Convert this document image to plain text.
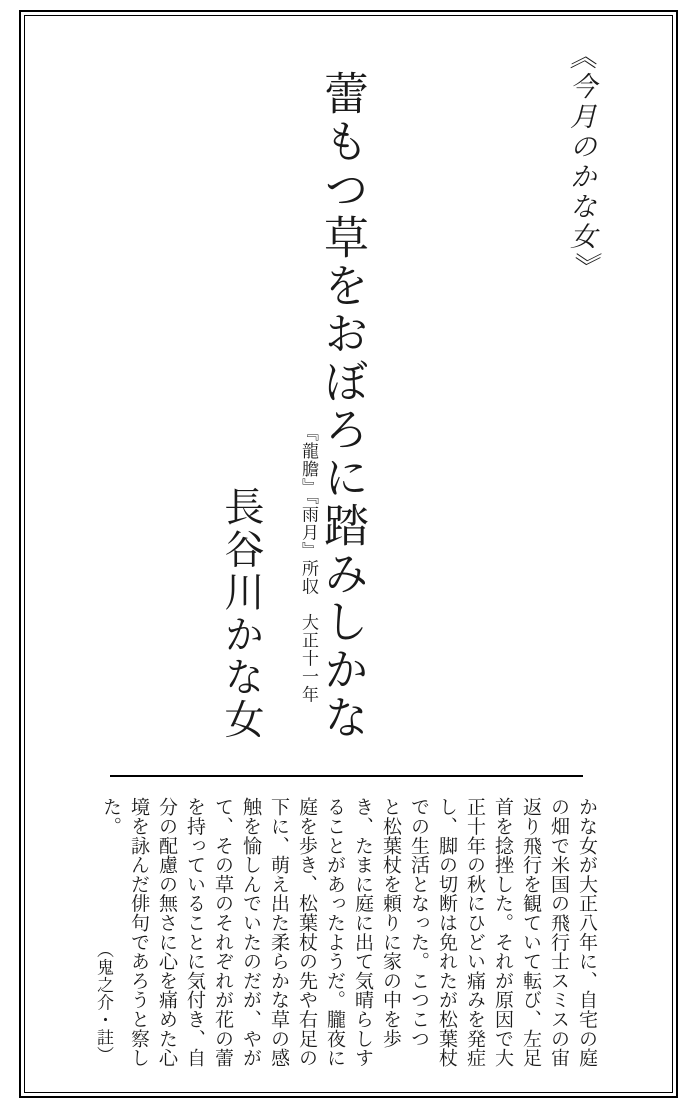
《今月のかな女》
蕾もつ草をおぼろに踏みしかな
『龍膽』『雨月』所収　大正十一年
長谷川かな女
（鬼之介・註）	かな女が大正八年に、自宅の庭
の畑で米国の飛行士スミスの宙
返り飛行を観ていて転び、左足
首を捻挫した。それが原因で大
正十年の秋にひどい痛みを発症
し、脚の切断は免れたが松葉杖
での生活となった。こつこつ
と松葉杖を頼りに家の中を歩
き、たまに庭に出て気晴らしす
ることがあったようだ。朧夜に
庭を歩き、松葉杖の先や右足の
下に、萌え出た柔らかな草の感
触を愉しんでいたのだが、やが
て、その草のそれぞれが花の蕾
を持っていることに気付き、自
分の配慮の無さに心を痛めた心
境を詠んだ俳句であろうと察し
た。
